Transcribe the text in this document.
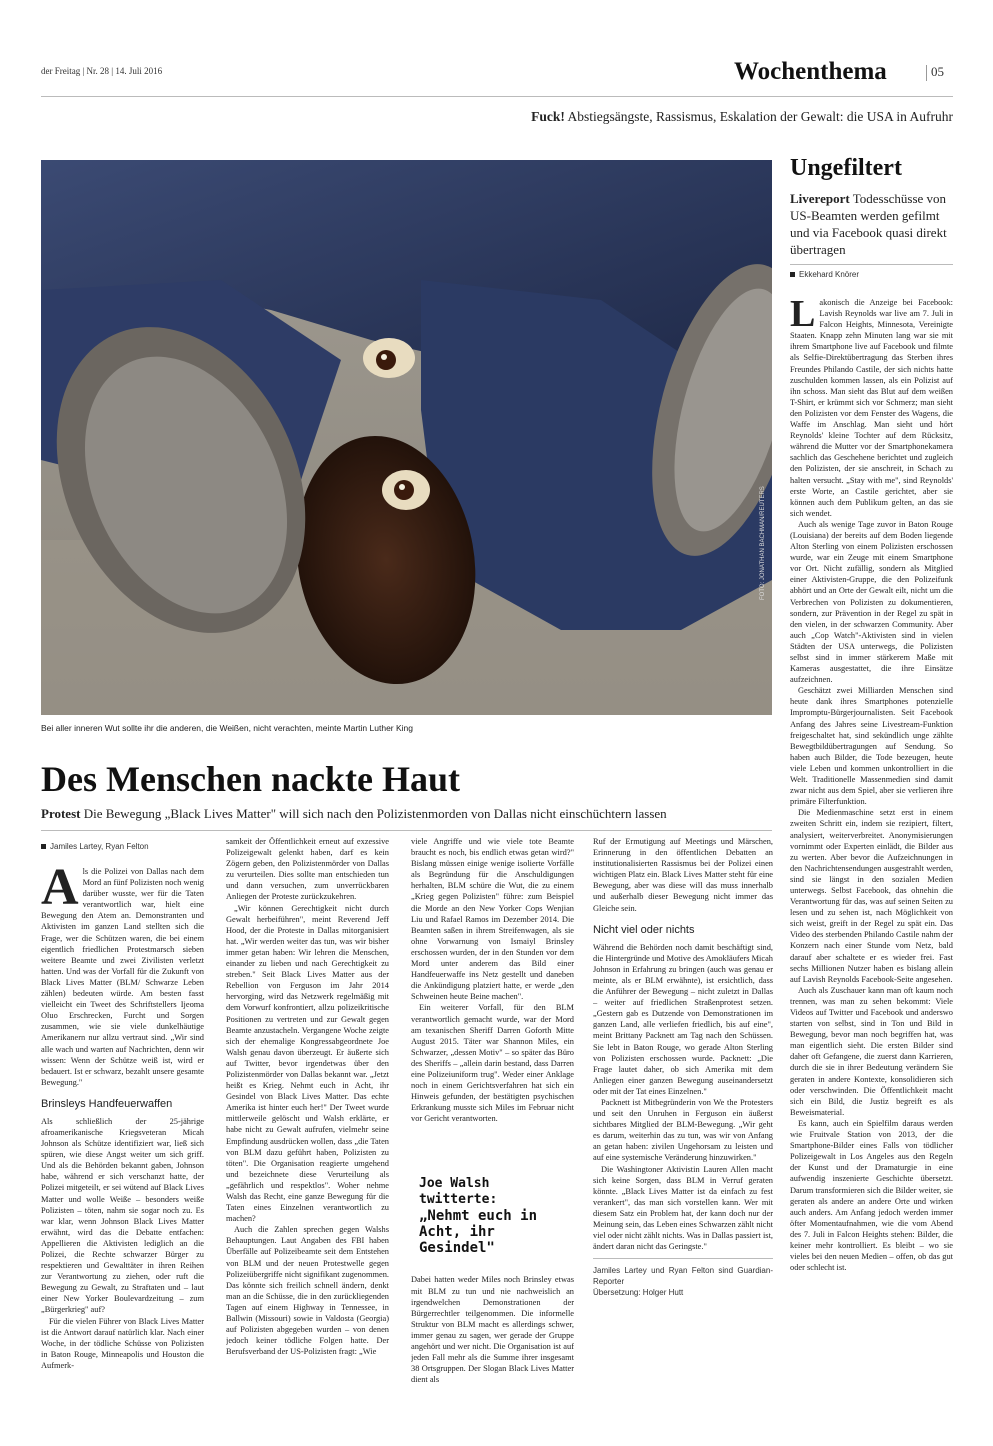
der Freitag | Nr. 28 | 14. Juli 2016	Wochenthema	05
Fuck! Abstiegsängste, Rassismus, Eskalation der Gewalt: die USA in Aufruhr
FOTO: JONATHAN BACHMAN/REUTERS
Bei aller inneren Wut sollte ihr die anderen, die Weißen, nicht verachten, meinte Martin Luther King
Ungefiltert
Livereport Todesschüsse von US-Beamten werden gefilmt und via Facebook quasi direkt übertragen
Ekkehard Knörer

Lakonisch die Anzeige bei Facebook: Lavish Reynolds war live am 7. Juli in Falcon Heights, Minnesota, Vereinigte Staaten. Knapp zehn Minuten lang war sie mit ihrem Smartphone live auf Facebook und filmte als Selfie-Direktübertragung das Sterben ihres Freundes Philando Castile, der sich nichts hatte zuschulden kommen lassen, als ein Polizist auf ihn schoss. Man sieht das Blut auf dem weißen T-Shirt, er krümmt sich vor Schmerz; man sieht den Polizisten vor dem Fenster des Wagens, die Waffe im Anschlag. Man sieht und hört Reynolds' kleine Tochter auf dem Rücksitz, während die Mutter vor der Smartphonekamera sachlich das Geschehene berichtet und zugleich den Polizisten, der sie anschreit, in Schach zu halten versucht. „Stay with me", sind Reynolds' erste Worte, an Castile gerichtet, aber sie können auch dem Publikum gelten, an das sie sich wendet.

Auch als wenige Tage zuvor in Baton Rouge (Louisiana) der bereits auf dem Boden liegende Alton Sterling von einem Polizisten erschossen wurde, war ein Zeuge mit einem Smartphone vor Ort. Nicht zufällig, sondern als Mitglied einer Aktivisten-Gruppe, die den Polizeifunk abhört und an Orte der Gewalt eilt, nicht um die Verbrechen von Polizisten zu dokumentieren, sondern, zur Prävention in der Regel zu spät in den vielen, in der schwarzen Community. Aber auch „Cop Watch"-Aktivisten sind in vielen Städten der USA unterwegs, die Polizisten selbst sind in immer stärkerem Maße mit Kameras ausgestattet, die ihre Einsätze aufzeichnen.

Geschätzt zwei Milliarden Menschen sind heute dank ihres Smartphones potenzielle Impromptu-Bürgerjournalisten. Seit Facebook Anfang des Jahres seine Livestream-Funktion freigeschaltet hat, sind sekündlich unge zählte Bewegtbildübertragungen auf Sendung. So haben auch Bilder, die Tode bezeugen, heute viele Leben und kommen unkontrolliert in die Welt. Traditionelle Massenmedien sind damit zwar nicht aus dem Spiel, aber sie verlieren ihre primäre Filterfunktion.

Die Medienmaschine setzt erst in einem zweiten Schritt ein, indem sie rezipiert, filtert, analysiert, weiterverbreitet. Anonymisierungen vornimmt oder Experten einlädt, die Bilder aus zu werten. Aber bevor die Aufzeichnungen in den Nachrichtensendungen ausgestrahlt werden, sind sie längst in den sozialen Medien unterwegs. Selbst Facebook, das ohnehin die Verantwortung für das, was auf seinen Seiten zu lesen und zu sehen ist, nach Möglichkeit von sich weist, greift in der Regel zu spät ein. Das Video des sterbenden Philando Castile nahm der Konzern nach einer Stunde vom Netz, bald darauf aber schaltete er es wieder frei. Fast sechs Millionen Nutzer haben es bislang allein auf Lavish Reynolds Facebook-Seite angesehen.

Auch als Zuschauer kann man oft kaum noch trennen, was man zu sehen bekommt: Viele Videos auf Twitter und Facebook und anderswo starten von selbst, sind in Ton und Bild in Bewegung, bevor man noch begriffen hat, was man eigentlich sieht. Die ersten Bilder sind daher oft Gefangene, die zuerst dann Karrieren, durch die sie in ihrer Bedeutung verändern Sie geraten in andere Kontexte, konsolidieren sich oder verschwinden. Die Öffentlichkeit macht sich ein Bild, die Justiz begreift es als Beweismaterial.

Es kann, auch ein Spielfilm daraus werden wie Fruitvale Station von 2013, der die Smartphone-Bilder eines Falls von tödlicher Polizeigewalt in Los Angeles aus den Regeln der Kunst und der Dramaturgie in eine aufwendig inszenierte Geschichte übersetzt. Darum transformieren sich die Bilder weiter, sie geraten als andere an andere Orte und wirken auch anders. Am Anfang jedoch werden immer öfter Momentaufnahmen, wie die vom Abend des 7. Juli in Falcon Heights stehen: Bilder, die keiner mehr kontrolliert. Es bleibt – wo sie vieles bei den neuen Medien – offen, ob das gut oder schlecht ist.

Des Menschen nackte Haut
Protest Die Bewegung „Black Lives Matter" will sich nach den Polizistenmorden von Dallas nicht einschüchtern lassen
Jamiles Lartey, Ryan Felton

Als die Polizei von Dallas nach dem Mord an fünf Polizisten noch wenig darüber wusste, wer für die Taten verantwortlich war, hielt eine Bewegung den Atem an. Demonstranten und Aktivisten im ganzen Land stellten sich die Frage, wer die Schützen waren, die bei einem eigentlich friedlichen Protestmarsch sieben weitere Beamte und zwei Zivilisten verletzt hatten. Und was der Vorfall für die Zukunft von Black Lives Matter (BLM/ Schwarze Leben zählen) bedeuten würde. Am besten fasst vielleicht ein Tweet des Schriftstellers Ijeoma Oluo Erschrecken, Furcht und Sorgen zusammen, wie sie viele dunkelhäutige Amerikanern nur allzu vertraut sind. „Wir sind alle wach und warten auf Nachrichten, denn wir wissen: Wenn der Schütze weiß ist, wird er bedauert. Ist er schwarz, bezahlt unsere gesamte Bewegung."

Brinsleys Handfeuerwaffen

Als schließlich der 25-jährige afroamerikanische Kriegsveteran Micah Johnson als Schütze identifiziert war, ließ sich spüren, wie diese Angst weiter um sich griff. Und als die Behörden bekannt gaben, Johnson habe, während er sich verschanzt hatte, der Polizei mitgeteilt, er sei wütend auf Black Lives Matter und wolle Weiße – besonders weiße Polizisten – töten, nahm sie sogar noch zu. Es war klar, wenn Johnson Black Lives Matter erwähnt, wird das die Debatte entfachen: Appellieren die Aktivisten lediglich an die Polizei, die Rechte schwarzer Bürger zu respektieren und Gewalttäter in ihren Reihen zur Verantwortung zu ziehen, oder ruft die Bewegung zu Gewalt, zu Straftaten und – laut einer New Yorker Boulevardzeitung – zum „Bürgerkrieg" auf?

Für die vielen Führer von Black Lives Matter ist die Antwort darauf natürlich klar. Nach einer Woche, in der tödliche Schüsse von Polizisten in Baton Rouge, Minneapolis und Houston die Aufmerk-

samkeit der Öffentlichkeit erneut auf exzessive Polizeigewalt gelenkt haben, darf es kein Zögern geben, den Polizistenmörder von Dallas zu verurteilen. Dies sollte man entschieden tun und dann versuchen, zum unverrückbaren Anliegen der Proteste zurückzukehren.

„Wir können Gerechtigkeit nicht durch Gewalt herbeiführen", meint Reverend Jeff Hood, der die Proteste in Dallas mitorganisiert hat. „Wir werden weiter das tun, was wir bisher immer getan haben: Wir lehren die Menschen, einander zu lieben und nach Gerechtigkeit zu streben." Seit Black Lives Matter aus der Rebellion von Ferguson im Jahr 2014 hervorging, wird das Netzwerk regelmäßig mit dem Vorwurf konfrontiert, allzu polizeikritische Positionen zu vertreten und zur Gewalt gegen Beamte anzustacheln. Vergangene Woche zeigte sich der ehemalige Kongressabgeordnete Joe Walsh genau davon überzeugt. Er äußerte sich auf Twitter, bevor irgendetwas über den Polizistenmörder von Dallas bekannt war. „Jetzt heißt es Krieg. Nehmt euch in Acht, ihr Gesindel von Black Lives Matter. Das echte Amerika ist hinter euch her!" Der Tweet wurde mittlerweile gelöscht und Walsh erklärte, er habe nicht zu Gewalt aufrufen, vielmehr seine Empfindung ausdrücken wollen, dass „die Taten von BLM dazu geführt haben, Polizisten zu töten". Die Organisation reagierte umgehend und bezeichnete diese Verurteilung als „gefährlich und respektlos". Woher nehme Walsh das Recht, eine ganze Bewegung für die Taten eines Einzelnen verantwortlich zu machen?

Auch die Zahlen sprechen gegen Walshs Behauptungen. Laut Angaben des FBI haben Überfälle auf Polizeibeamte seit dem Entstehen von BLM und der neuen Protestwelle gegen Polizeiübergriffe nicht signifikant zugenommen. Das könnte sich freilich schnell ändern, denkt man an die Schüsse, die in den zurückliegenden Tagen auf einem Highway in Tennessee, in Ballwin (Missouri) sowie in Valdosta (Georgia) auf Polizisten abgegeben wurden – von denen jedoch keiner tödliche Folgen hatte. Der Berufsverband der US-Polizisten fragt: „Wie

viele Angriffe und wie viele tote Beamte braucht es noch, bis endlich etwas getan wird?" Bislang müssen einige wenige isolierte Vorfälle als Begründung für die Anschuldigungen herhalten, BLM schüre die Wut, die zu einem „Krieg gegen Polizisten" führe: zum Beispiel die Morde an den New Yorker Cops Wenjian Liu und Rafael Ramos im Dezember 2014. Die Beamten saßen in ihrem Streifenwagen, als sie ohne Vorwarnung von Ismaiyl Brinsley erschossen wurden, der in den Stunden vor dem Mord unter anderem das Bild einer Handfeuerwaffe ins Netz gestellt und daneben die Ankündigung platziert hatte, er werde „den Schweinen heute Beine machen".

Ein weiterer Vorfall, für den BLM verantwortlich gemacht wurde, war der Mord am texanischen Sheriff Darren Goforth Mitte August 2015. Täter war Shannon Miles, ein Schwarzer, „dessen Motiv" – so später das Büro des Sheriffs – „allein darin bestand, dass Darren eine Polizeiuniform trug". Weder einer Anklage noch in einem Gerichtsverfahren hat sich ein Hinweis gefunden, der bestätigten psychischen Erkrankung musste sich Miles im Februar nicht vor Gericht verantworten.

Dabei hatten weder Miles noch Brinsley etwas mit BLM zu tun und nie nachweislich an irgendwelchen Demonstrationen der Bürgerrechtler teilgenommen. Die informelle Struktur von BLM macht es allerdings schwer, immer genau zu sagen, wer gerade der Gruppe angehört und wer nicht. Die Organisation ist auf jeden Fall mehr als die Summe ihrer insgesamt 38 Ortsgruppen. Der Slogan Black Lives Matter dient als

Joe Walsh twitterte:
„Nehmt euch in Acht, ihr Gesindel"

Ruf der Ermutigung auf Meetings und Märschen, Erinnerung in den öffentlichen Debatten an institutionalisierten Rassismus bei der Polizei einen wichtigen Platz ein. Black Lives Matter steht für eine Bewegung, aber was diese will das muss innerhalb und außerhalb dieser Bewegung nicht immer das Gleiche sein.

Nicht viel oder nichts

Während die Behörden noch damit beschäftigt sind, die Hintergründe und Motive des Amokläufers Micah Johnson in Erfahrung zu bringen (auch was genau er meinte, als er BLM erwähnte), ist ersichtlich, dass die Anführer der Bewegung – nicht zuletzt in Dallas – weiter auf friedlichen Straßenprotest setzen. „Gestern gab es Dutzende von Demonstrationen im ganzen Land, alle verliefen friedlich, bis auf eine", meint Brittany Packnett am Tag nach den Schüssen. Sie lebt in Baton Rouge, wo gerade Alton Sterling von Polizisten erschossen wurde. Packnett: „Die Frage lautet daher, ob sich Amerika mit dem Anliegen einer ganzen Bewegung auseinandersetzt oder mit der Tat eines Einzelnen."

Packnett ist Mitbegründerin von We the Protesters und seit den Unruhen in Ferguson ein äußerst sichtbares Mitglied der BLM-Bewegung. „Wir geht es darum, weiterhin das zu tun, was wir von Anfang an getan haben: zivilen Ungehorsam zu leisten und auf eine systemische Veränderung hinzuwirken."

Die Washingtoner Aktivistin Lauren Allen macht sich keine Sorgen, dass BLM in Verruf geraten könnte. „Black Lives Matter ist da einfach zu fest verankert", das man sich vorstellen kann. Wer mit diesem Satz ein Problem hat, der kann doch nur der Meinung sein, das Leben eines Schwarzen zählt nicht viel oder nicht zählt nichts. Was in Dallas passiert ist, ändert daran nicht das Geringste."

Jamiles Lartey und Ryan Felton sind Guardian-Reporter
Übersetzung: Holger Hutt
